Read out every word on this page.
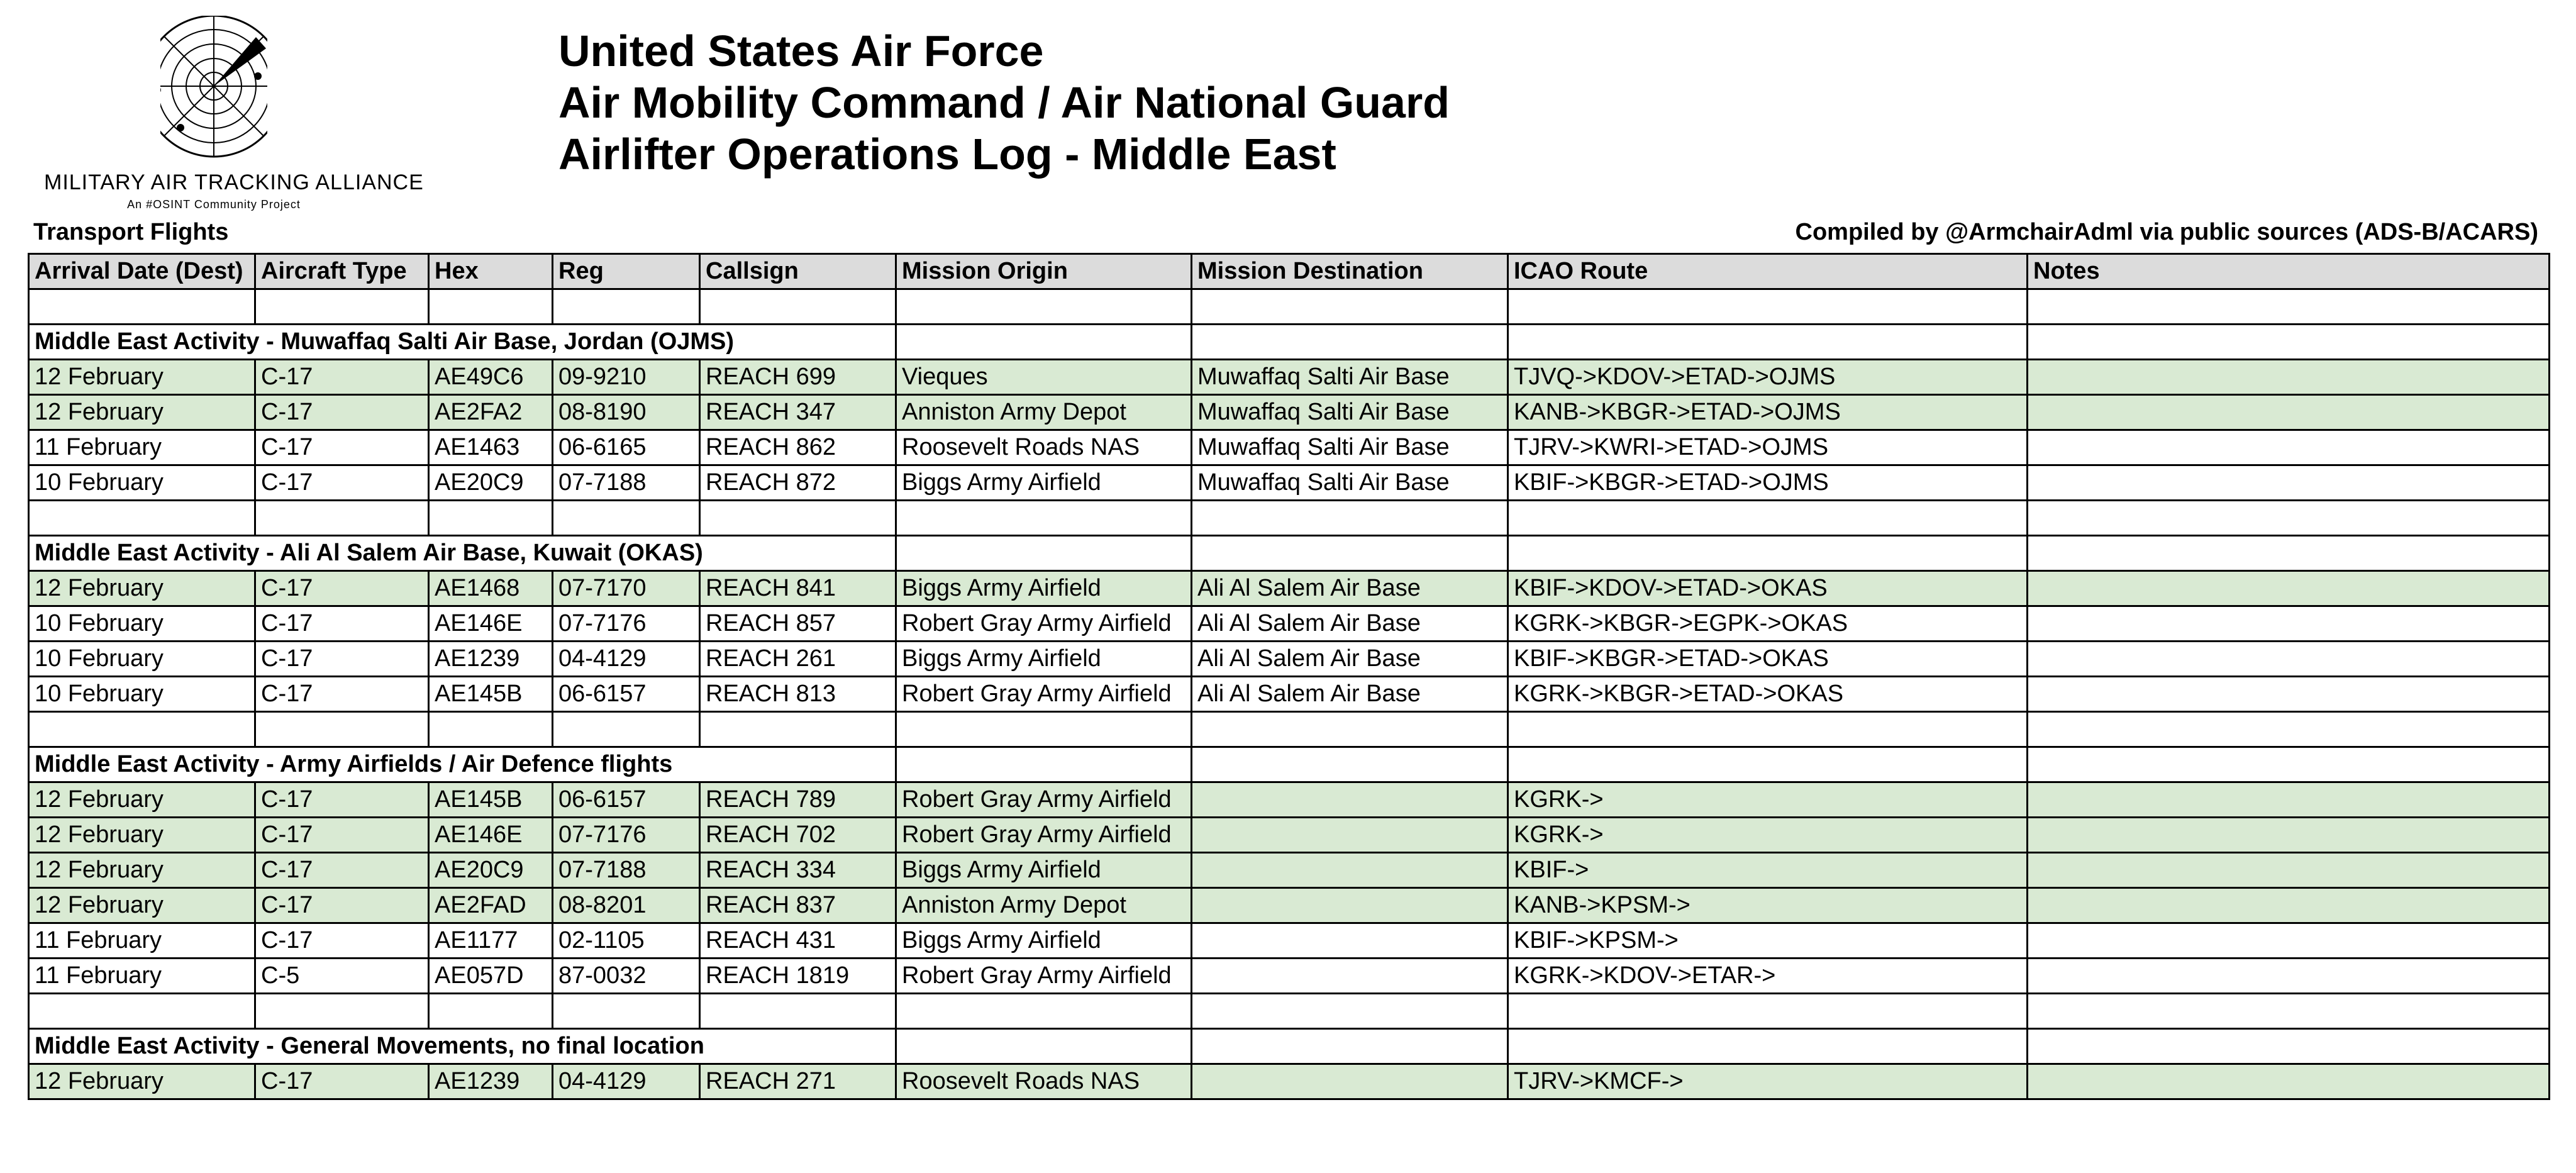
MILITARY AIR TRACKING ALLIANCE
An #OSINT Community Project
United States Air Force
Air Mobility Command / Air National Guard
Airlifter Operations Log - Middle East
Transport Flights	Compiled by @ArmchairAdml via public sources (ADS-B/ACARS)
Arrival Date (Dest)	Aircraft Type	Hex	Reg	Callsign	Mission Origin	Mission Destination	ICAO Route	Notes

Middle East Activity - Muwaffaq Salti Air Base, Jordan (OJMS)								
12 February	C-17	AE49C6	09-9210	REACH 699	Vieques	Muwaffaq Salti Air Base	TJVQ->KDOV->ETAD->OJMS	
12 February	C-17	AE2FA2	08-8190	REACH 347	Anniston Army Depot	Muwaffaq Salti Air Base	KANB->KBGR->ETAD->OJMS	
11 February	C-17	AE1463	06-6165	REACH 862	Roosevelt Roads NAS	Muwaffaq Salti Air Base	TJRV->KWRI->ETAD->OJMS	
10 February	C-17	AE20C9	07-7188	REACH 872	Biggs Army Airfield	Muwaffaq Salti Air Base	KBIF->KBGR->ETAD->OJMS	

Middle East Activity - Ali Al Salem Air Base, Kuwait (OKAS)								
12 February	C-17	AE1468	07-7170	REACH 841	Biggs Army Airfield	Ali Al Salem Air Base	KBIF->KDOV->ETAD->OKAS	
10 February	C-17	AE146E	07-7176	REACH 857	Robert Gray Army Airfield	Ali Al Salem Air Base	KGRK->KBGR->EGPK->OKAS	
10 February	C-17	AE1239	04-4129	REACH 261	Biggs Army Airfield	Ali Al Salem Air Base	KBIF->KBGR->ETAD->OKAS	
10 February	C-17	AE145B	06-6157	REACH 813	Robert Gray Army Airfield	Ali Al Salem Air Base	KGRK->KBGR->ETAD->OKAS	

Middle East Activity - Army Airfields / Air Defence flights								
12 February	C-17	AE145B	06-6157	REACH 789	Robert Gray Army Airfield		KGRK->	
12 February	C-17	AE146E	07-7176	REACH 702	Robert Gray Army Airfield		KGRK->	
12 February	C-17	AE20C9	07-7188	REACH 334	Biggs Army Airfield		KBIF->	
12 February	C-17	AE2FAD	08-8201	REACH 837	Anniston Army Depot		KANB->KPSM->	
11 February	C-17	AE1177	02-1105	REACH 431	Biggs Army Airfield		KBIF->KPSM->	
11 February	C-5	AE057D	87-0032	REACH 1819	Robert Gray Army Airfield		KGRK->KDOV->ETAR->	

Middle East Activity - General Movements, no final location								
12 February	C-17	AE1239	04-4129	REACH 271	Roosevelt Roads NAS		TJRV->KMCF->	
